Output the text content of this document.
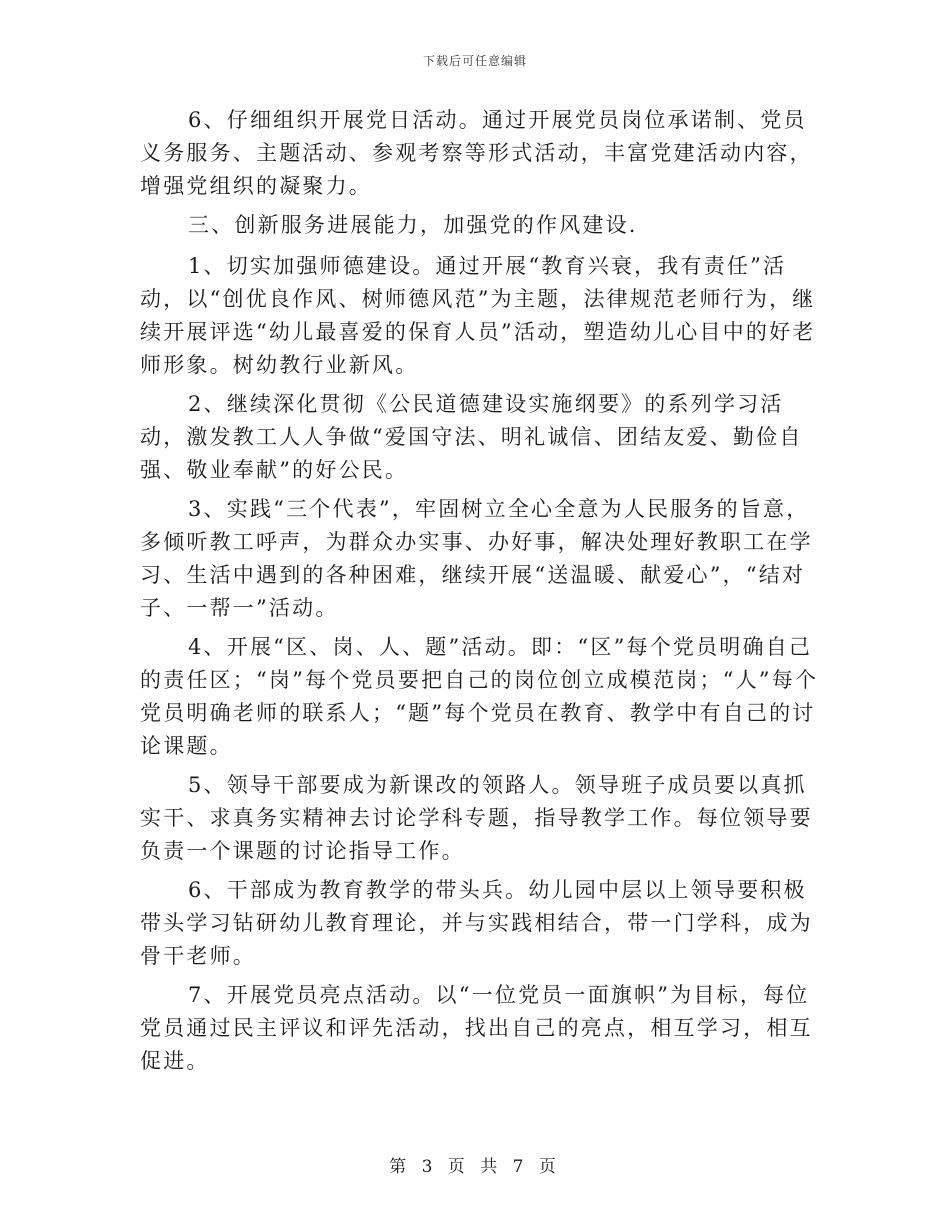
下载后可任意编辑

6、仔细组织开展党日活动。通过开展党员岗位承诺制、党员义务服务、主题活动、参观考察等形式活动，丰富党建活动内容，增强党组织的凝聚力。

三、创新服务进展能力，加强党的作风建设.

1、切实加强师德建设。通过开展“教育兴衰，我有责任”活动，以“创优良作风、树师德风范”为主题，法律规范老师行为，继续开展评选“幼儿最喜爱的保育人员”活动，塑造幼儿心目中的好老师形象。树幼教行业新风。

2、继续深化贯彻《公民道德建设实施纲要》的系列学习活动，激发教工人人争做“爱国守法、明礼诚信、团结友爱、勤俭自强、敬业奉献”的好公民。

3、实践“三个代表”，牢固树立全心全意为人民服务的旨意，多倾听教工呼声，为群众办实事、办好事，解决处理好教职工在学习、生活中遇到的各种困难，继续开展“送温暖、献爱心”，“结对子、一帮一”活动。

4、开展“区、岗、人、题”活动。即：“区”每个党员明确自己的责任区；“岗”每个党员要把自己的岗位创立成模范岗；“人”每个党员明确老师的联系人；“题”每个党员在教育、教学中有自己的讨论课题。

5、领导干部要成为新课改的领路人。领导班子成员要以真抓实干、求真务实精神去讨论学科专题，指导教学工作。每位领导要负责一个课题的讨论指导工作。

6、干部成为教育教学的带头兵。幼儿园中层以上领导要积极带头学习钻研幼儿教育理论，并与实践相结合，带一门学科，成为骨干老师。

7、开展党员亮点活动。以“一位党员一面旗帜”为目标，每位党员通过民主评议和评先活动，找出自己的亮点，相互学习，相互促进。

第 3 页 共 7 页
